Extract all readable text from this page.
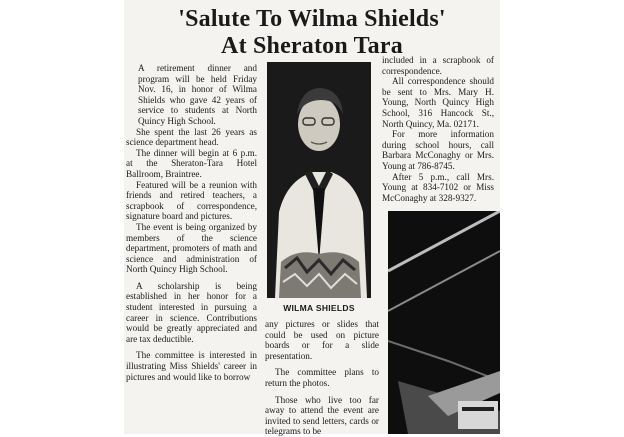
'Salute To Wilma Shields'
At Sheraton Tara

A retirement dinner and program will be held Friday Nov. 16, in honor of Wilma Shields who gave 42 years of service to students at North Quincy High School.

She spent the last 26 years as science department head.

The dinner will begin at 6 p.m. at the Sheraton-Tara Hotel Ballroom, Braintree.

Featured will be a reunion with friends and retired teachers, a scrapbook of correspondence, signature board and pictures.

The event is being organized by members of the science department, promoters of math and science and administration of North Quincy High School.

A scholarship is being established in her honor for a student interested in pursuing a career in science. Contributions would be greatly appreciated and are tax deductible.

The committee is interested in illustrating Miss Shields' career in pictures and would like to borrow

WILMA SHIELDS

any pictures or slides that could be used on picture boards or for a slide presentation.

The committee plans to return the photos.

Those who live too far away to attend the event are invited to send letters, cards or telegrams to be

included in a scrapbook of correspondence.

All correspondence should be sent to Mrs. Mary H. Young, North Quincy High School, 316 Hancock St., North Quincy, Ma. 02171.

For more information during school hours, call Barbara McConaghy or Mrs. Young at 786-8745.

After 5 p.m., call Mrs. Young at 834-7102 or Miss McConaghy at 328-9327.
